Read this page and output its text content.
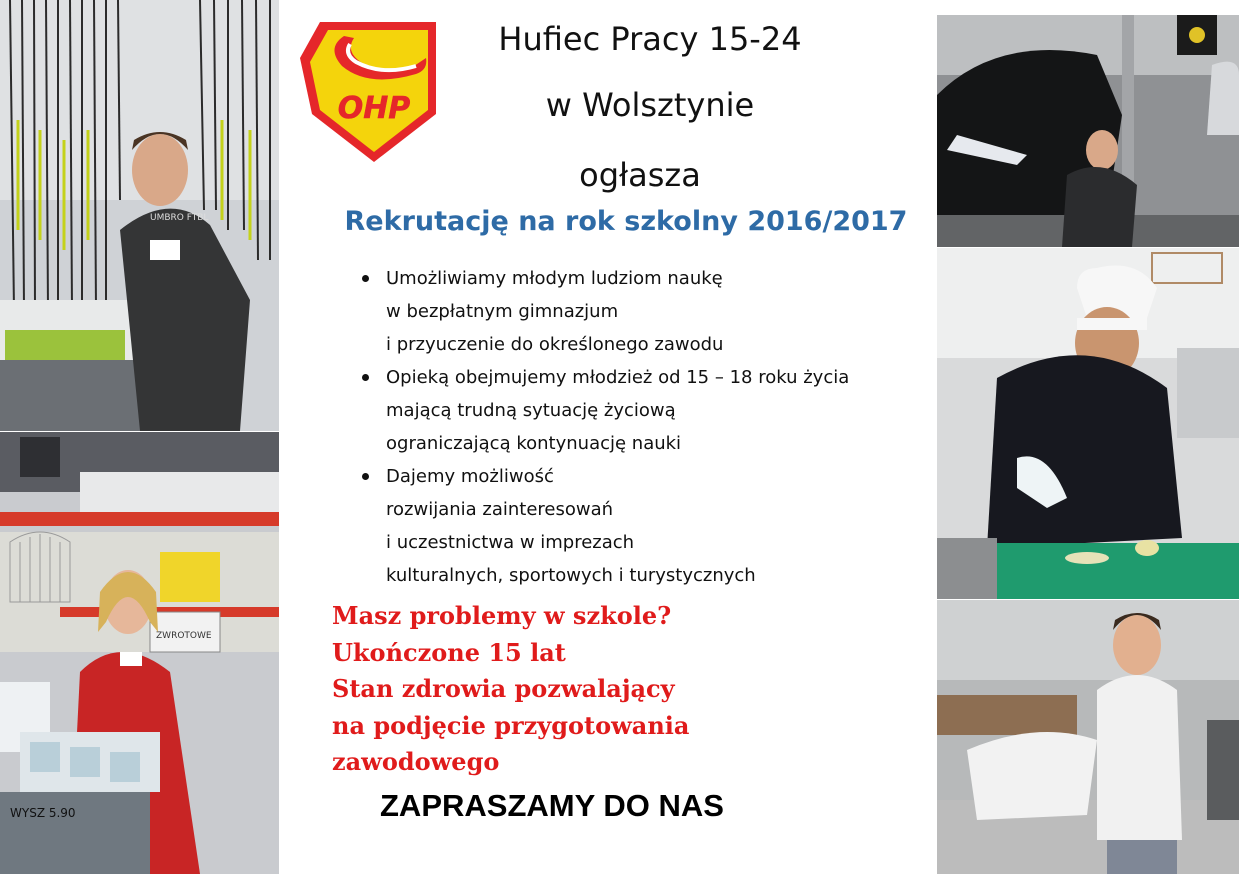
UMBRO FTBL
ZWROTOWE
WYSZ 5.90
OHP
Hufiec Pracy 15-24
w Wolsztynie
ogłasza
Rekrutację na rok szkolny 2016/2017
Umożliwiamy młodym ludziom naukę
w bezpłatnym gimnazjum
i przyuczenie do określonego zawodu
Opieką obejmujemy młodzież od 15 – 18 roku życia
mającą trudną sytuację życiową
ograniczającą kontynuację nauki
Dajemy możliwość
rozwijania zainteresowań
i uczestnictwa w imprezach
kulturalnych, sportowych i turystycznych
Masz problemy w szkole?
Ukończone 15 lat
Stan zdrowia pozwalający
na podjęcie przygotowania
zawodowego
ZAPRASZAMY DO NAS
